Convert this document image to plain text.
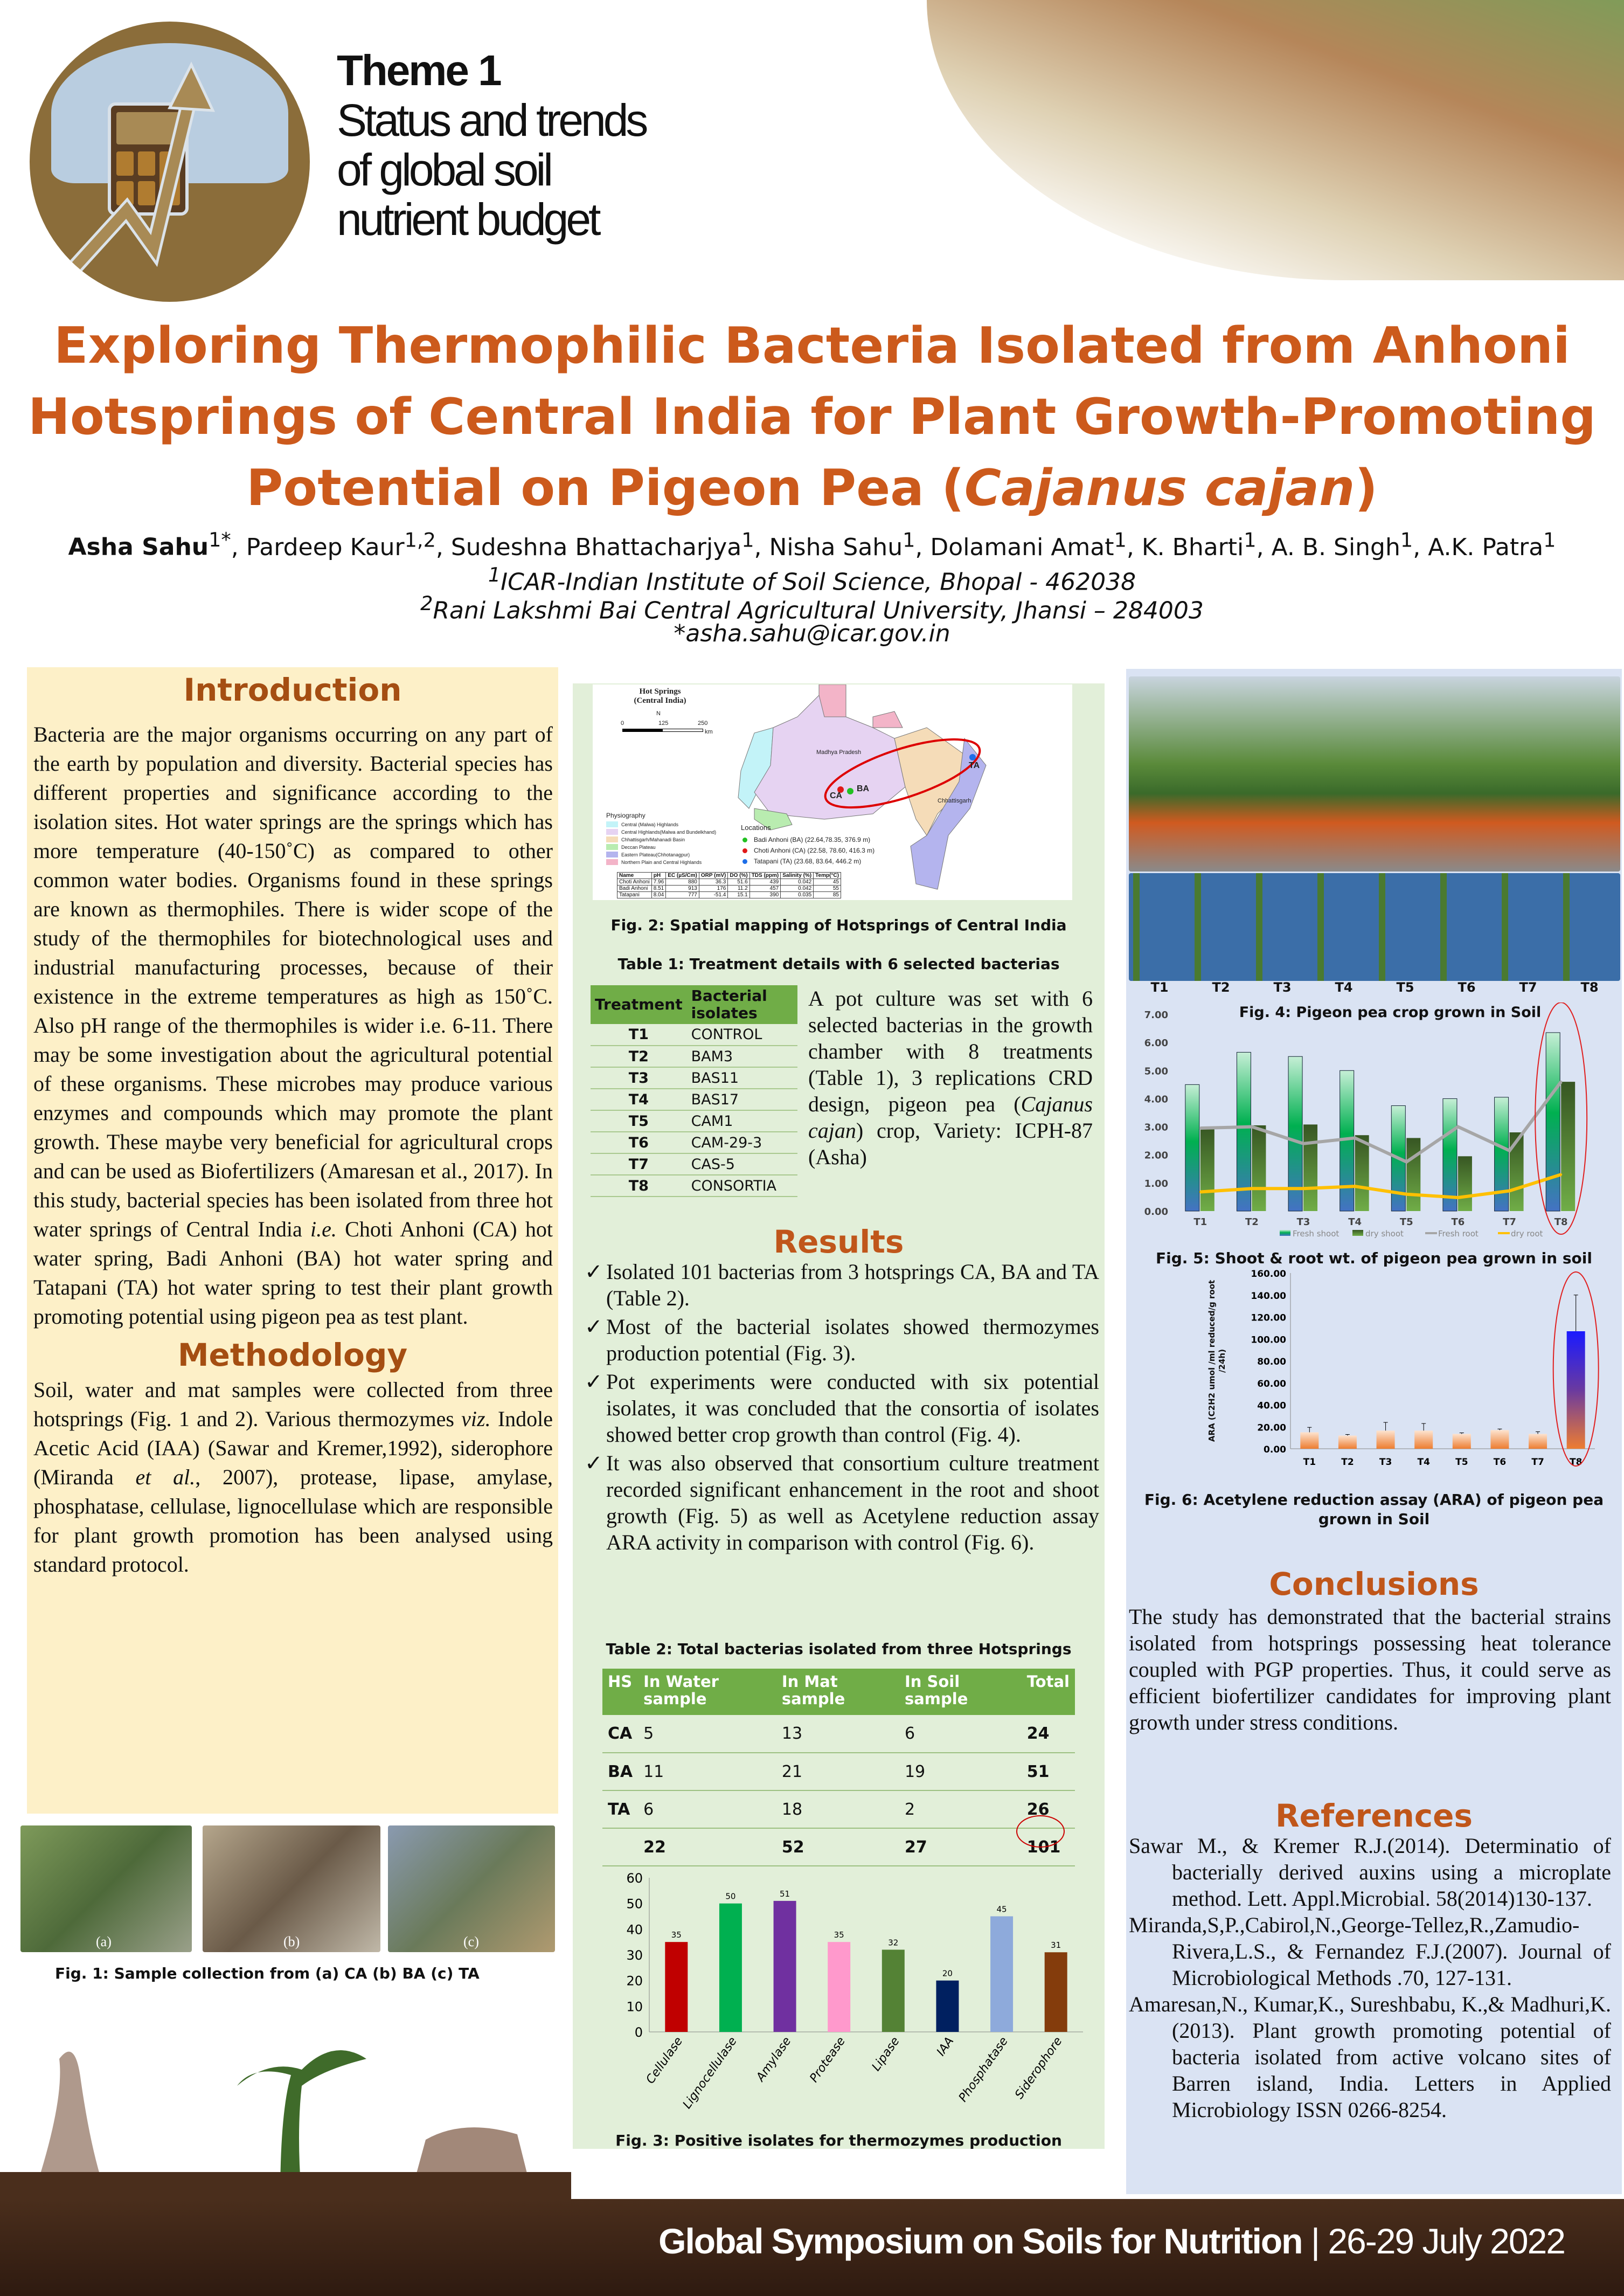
Theme 1
Status and trends
of global soil
nutrient budget
Exploring Thermophilic Bacteria Isolated from Anhoni
Hotsprings of Central India for Plant Growth-Promoting
Potential on Pigeon Pea (Cajanus cajan)
Asha Sahu$^{1*}$, Pardeep Kaur$^{1,2}$, Sudeshna Bhattacharjya$^1$, Nisha Sahu$^1$, Dolamani Amat$^1$, K. Bharti$^1$, A. B. Singh$^1$, A.K. Patra$^1$
$^1$ICAR-Indian Institute of Soil Science, Bhopal - 462038
$^2$Rani Lakshmi Bai Central Agricultural University, Jhansi – 284003
*asha.sahu@icar.gov.in
Introduction

Bacteria are the major organisms occurring on any part of the earth by population and diversity. Bacterial species has different properties and significance according to the isolation sites. Hot water springs are the springs which has more temperature (40-150˚C) as compared to other common water bodies. Organisms found in these springs are known as thermophiles. There is wider scope of the study of the thermophiles for biotechnological uses and industrial manufacturing processes, because of their existence in the extreme temperatures as high as 150˚C. Also pH range of the thermophiles is wider i.e. 6-11. There may be some investigation about the agricultural potential of these organisms. These microbes may produce various enzymes and compounds which may promote the plant growth. These maybe very beneficial for agricultural crops and can be used as Biofertilizers (Amaresan et al., 2017). In this study, bacterial species has been isolated from three hot water springs of Central India i.e. Choti Anhoni (CA) hot water spring, Badi Anhoni (BA) hot water spring and Tatapani (TA) hot water spring to test their plant growth promoting potential using pigeon pea as test plant.

Methodology

Soil, water and mat samples were collected from three hotsprings (Fig. 1 and 2). Various thermozymes viz. Indole Acetic Acid (IAA) (Sawar and Kremer,1992), siderophore (Miranda et al., 2007), protease, lipase, amylase, phosphatase, cellulase, lignocellulase which are responsible for plant growth promotion has been analysed using standard protocol.

(a)	(b)	(c)
Fig. 1: Sample collection from (a) CA (b) BA (c) TA
Hot Springs (Central India)
N
0	125	250
km
Madhya Pradesh
Chhattisgarh
CA
BA
TA
Physiography
Central (Malwa) Highlands
Central Highlands(Malwa and Bundelkhand)
Chhattisgarh/Mahanadi Basin
Deccan Plateau
Eastern Plateau(Chhotanagpur)
Northern Plain and Central Highlands
Locations
Badi Anhoni (BA) (22.64,78.35, 376.9 m)
Choti Anhoni (CA) (22.58, 78.60, 416.3 m)
Tatapani (TA) (23.68, 83.64, 446.2 m)
Name	pH	EC (µS/Cm)	ORP (mV)	DO (%)	TDS (ppm)	Salinity (%)	Temp(°C)
Choti Anhoni	7.96	880	36.3	51.6	439	0.042	45
Badi Anhoni	8.51	913	176	11.2	457	0.042	55
Tatapani	8.04	777	-51.4	15.1	390	0.035	85
Fig. 2: Spatial mapping of Hotsprings of Central India
Table 1: Treatment details with 6 selected bacterias
Treatment	Bacterial isolates
T1	CONTROL
T2	BAM3
T3	BAS11
T4	BAS17
T5	CAM1
T6	CAM-29-3
T7	CAS-5
T8	CONSORTIA

A pot culture was set with 6 selected bacterias in the growth chamber with 8 treatments (Table 1), 3 replications CRD design, pigeon pea (Cajanus cajan) crop, Variety: ICPH-87 (Asha)

Results
✓ Isolated 101 bacterias from 3 hotsprings CA, BA and TA (Table 2).
✓ Most of the bacterial isolates showed thermozymes production potential (Fig. 3).
✓ Pot experiments were conducted with six potential isolates, it was concluded that the consortia of isolates showed better crop growth than control (Fig. 4).
✓ It was also observed that consortium culture treatment recorded significant enhancement in the root and shoot growth (Fig. 5) as well as Acetylene reduction assay ARA activity in comparison with control (Fig. 6).
Table 2: Total bacterias isolated from three Hotsprings
HS	In Water sample	In Mat sample	In Soil sample	Total
CA	5	13	6	24
BA	11	21	19	51
TA	6	18	2	26
	22	52	27	101
0
10
20
30
40
50
60
35
Cellulase
50
Lignocellulase
51
Amylase
35
Protease
32
Lipase
20
IAA
45
Phosphatase
31
Siderophore
Fig. 3: Positive isolates for thermozymes production
T1	T2	T3	T4	T5	T6	T7	T8
Fig. 4: Pigeon pea crop grown in Soil
0.00
1.00
2.00
3.00
4.00
5.00
6.00
7.00
T1	T2	T3	T4	T5	T6	T7	T8
Fresh shoot	dry shoot	Fresh root	dry root
Fig. 5: Shoot & root wt. of pigeon pea grown in soil
0.00
20.00
40.00
60.00
80.00
100.00
120.00
140.00
160.00
T1	T2	T3	T4	T5	T6	T7	T8
ARA (C2H2 umol /ml reduced/g root /24h)
Fig. 6: Acetylene reduction assay (ARA) of pigeon pea grown in Soil
Conclusions

The study has demonstrated that the bacterial strains isolated from hotsprings possessing heat tolerance coupled with PGP properties. Thus, it could serve as efficient biofertilizer candidates for improving plant growth under stress conditions.

References

Sawar M., & Kremer R.J.(2014). Determinatio of bacterially derived auxins using a microplate method. Lett. Appl.Microbial. 58(2014)130-137.

Miranda,S,P.,Cabirol,N.,George-Tellez,R.,Zamudio-Rivera,L.S., & Fernandez F.J.(2007). Journal of Microbiological Methods .70, 127-131.

Amaresan,N., Kumar,K., Sureshbabu, K.,& Madhuri,K.(2013). Plant growth promoting potential of bacteria isolated from active volcano sites of Barren island, India. Letters in Applied Microbiology ISSN 0266-8254.

Global Symposium on Soils for Nutrition | 26-29 July 2022
